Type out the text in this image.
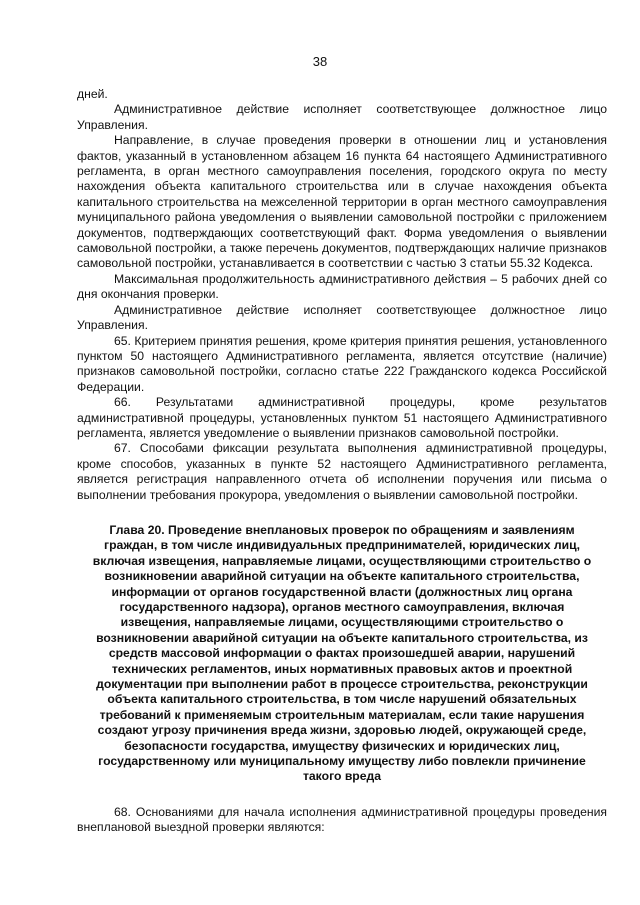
38

дней.

Административное действие исполняет соответствующее должностное лицо Управления.

Направление, в случае проведения проверки в отношении лиц и установления фактов, указанный в установленном абзацем 16 пункта 64 настоящего Административного регламента, в орган местного самоуправления поселения, городского округа по месту нахождения объекта капитального строительства или в случае нахождения объекта капитального строительства на межселенной территории в орган местного самоуправления муниципального района уведомления о выявлении самовольной постройки с приложением документов, подтверждающих соответствующий факт. Форма уведомления о выявлении самовольной постройки, а также перечень документов, подтверждающих наличие признаков самовольной постройки, устанавливается в соответствии с частью 3 статьи 55.32 Кодекса.

Максимальная продолжительность административного действия – 5 рабочих дней со дня окончания проверки.

Административное действие исполняет соответствующее должностное лицо Управления.

65. Критерием принятия решения, кроме критерия принятия решения, установленного пунктом 50 настоящего Административного регламента, является отсутствие (наличие) признаков самовольной постройки, согласно статье 222 Гражданского кодекса Российской Федерации.

66. Результатами административной процедуры, кроме результатов административной процедуры, установленных пунктом 51 настоящего Административного регламента, является уведомление о выявлении признаков самовольной постройки.

67. Способами фиксации результата выполнения административной процедуры, кроме способов, указанных в пункте 52 настоящего Административного регламента, является регистрация направленного отчета об исполнении поручения или письма о выполнении требования прокурора, уведомления о выявлении самовольной постройки.

Глава 20. Проведение внеплановых проверок по обращениям и заявлениям граждан, в том числе индивидуальных предпринимателей, юридических лиц, включая извещения, направляемые лицами, осуществляющими строительство о возникновении аварийной ситуации на объекте капитального строительства, информации от органов государственной власти (должностных лиц органа государственного надзора), органов местного самоуправления, включая извещения, направляемые лицами, осуществляющими строительство о возникновении аварийной ситуации на объекте капитального строительства, из средств массовой информации о фактах произошедшей аварии, нарушений технических регламентов, иных нормативных правовых актов и проектной документации при выполнении работ в процессе строительства, реконструкции объекта капитального строительства, в том числе нарушений обязательных требований к применяемым строительным материалам, если такие нарушения создают угрозу причинения вреда жизни, здоровью людей, окружающей среде, безопасности государства, имуществу физических и юридических лиц, государственному или муниципальному имуществу либо повлекли причинение такого вреда

68. Основаниями для начала исполнения административной процедуры проведения внеплановой выездной проверки являются:
